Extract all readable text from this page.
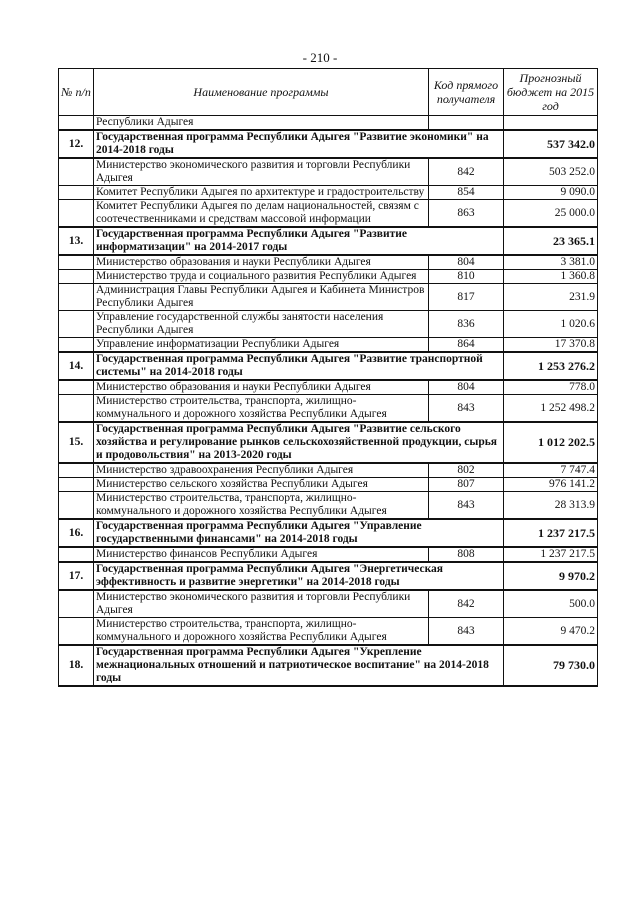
- 210 -
№ п/п	Наименование программы	Код прямого получателя	Прогнозный бюджет на 2015 год
	Республики Адыгея		
12.	Государственная программа Республики Адыгея "Развитие экономики" на 2014-2018 годы		537 342.0
	Министерство экономического развития и торговли Республики Адыгея	842	503 252.0
	Комитет Республики Адыгея по архитектуре и градостроительству	854	9 090.0
	Комитет Республики Адыгея по делам национальностей, связям с соотечественниками и средствам массовой информации	863	25 000.0
13.	Государственная программа Республики Адыгея "Развитие информатизации" на 2014-2017 годы		23 365.1
	Министерство образования и науки Республики Адыгея	804	3 381.0
	Министерство труда и социального развития Республики Адыгея	810	1 360.8
	Администрация Главы Республики Адыгея и Кабинета Министров Республики Адыгея	817	231.9
	Управление государственной службы занятости населения Республики Адыгея	836	1 020.6
	Управление информатизации Республики Адыгея	864	17 370.8
14.	Государственная программа Республики Адыгея "Развитие транспортной системы" на 2014-2018 годы		1 253 276.2
	Министерство образования и науки Республики Адыгея	804	778.0
	Министерство строительства, транспорта, жилищно-коммунального и дорожного хозяйства Республики Адыгея	843	1 252 498.2
15.	Государственная программа Республики Адыгея "Развитие сельского хозяйства и регулирование рынков сельскохозяйственной продукции, сырья и продовольствия" на 2013-2020 годы		1 012 202.5
	Министерство здравоохранения Республики Адыгея	802	7 747.4
	Министерство сельского хозяйства Республики Адыгея	807	976 141.2
	Министерство строительства, транспорта, жилищно-коммунального и дорожного хозяйства Республики Адыгея	843	28 313.9
16.	Государственная программа Республики Адыгея "Управление государственными финансами" на 2014-2018 годы		1 237 217.5
	Министерство финансов Республики Адыгея	808	1 237 217.5
17.	Государственная программа Республики Адыгея "Энергетическая эффективность и развитие энергетики" на 2014-2018 годы		9 970.2
	Министерство экономического развития и торговли Республики Адыгея	842	500.0
	Министерство строительства, транспорта, жилищно-коммунального и дорожного хозяйства Республики Адыгея	843	9 470.2
18.	Государственная программа Республики Адыгея "Укрепление межнациональных отношений и патриотическое воспитание" на 2014-2018 годы		79 730.0
